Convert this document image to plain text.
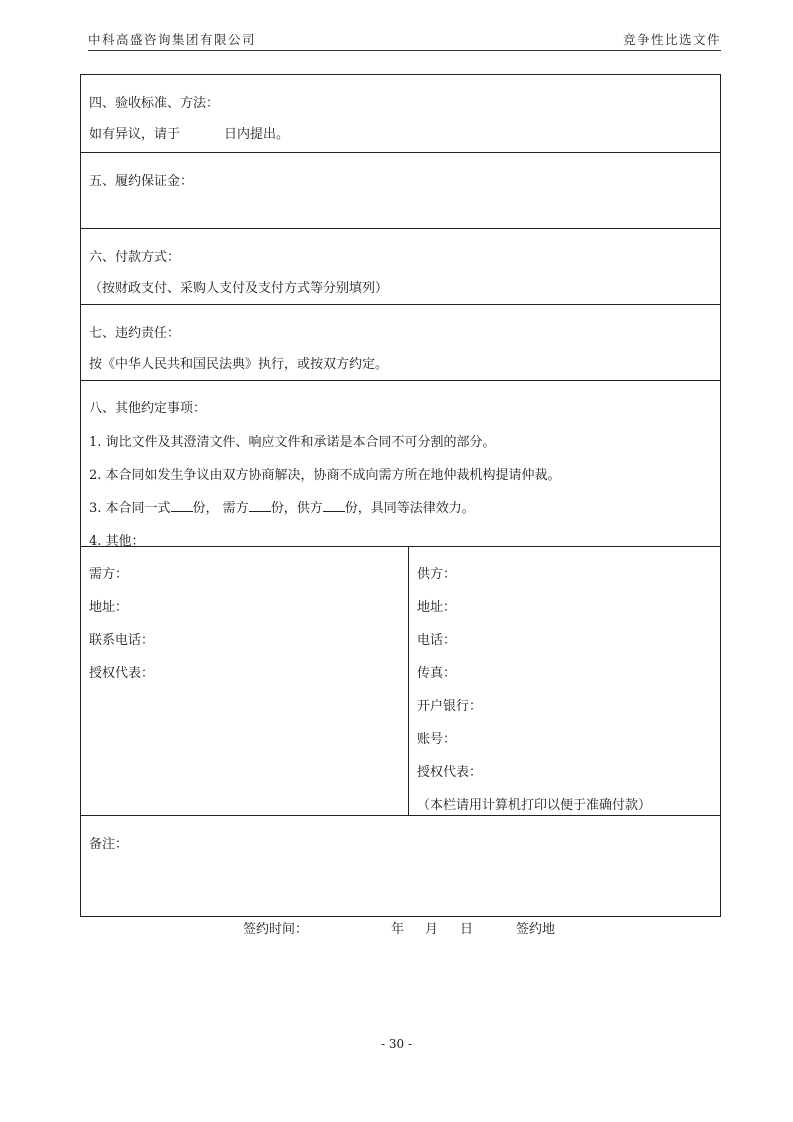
中科高盛咨询集团有限公司	竞争性比选文件
四、验收标准、方法：
如有异议，请于	日内提出。
五、履约保证金：
六、付款方式：
（按财政支付、采购人支付及支付方式等分别填列）
七、违约责任：
按《中华人民共和国民法典》执行，或按双方约定。
八、其他约定事项：
1. 询比文件及其澄清文件、响应文件和承诺是本合同不可分割的部分。
2. 本合同如发生争议由双方协商解决，协商不成向需方所在地仲裁机构提请仲裁。
3. 本合同一式 份， 需方 份，供方 份，具同等法律效力。
4. 其他：
需方：
地址：
联系电话：
授权代表：
供方：
地址：
电话：
传真：
开户银行：
账号：
授权代表：
（本栏请用计算机打印以便于准确付款）
备注：
签约时间：	年 月 日	签约地
- 30 -
